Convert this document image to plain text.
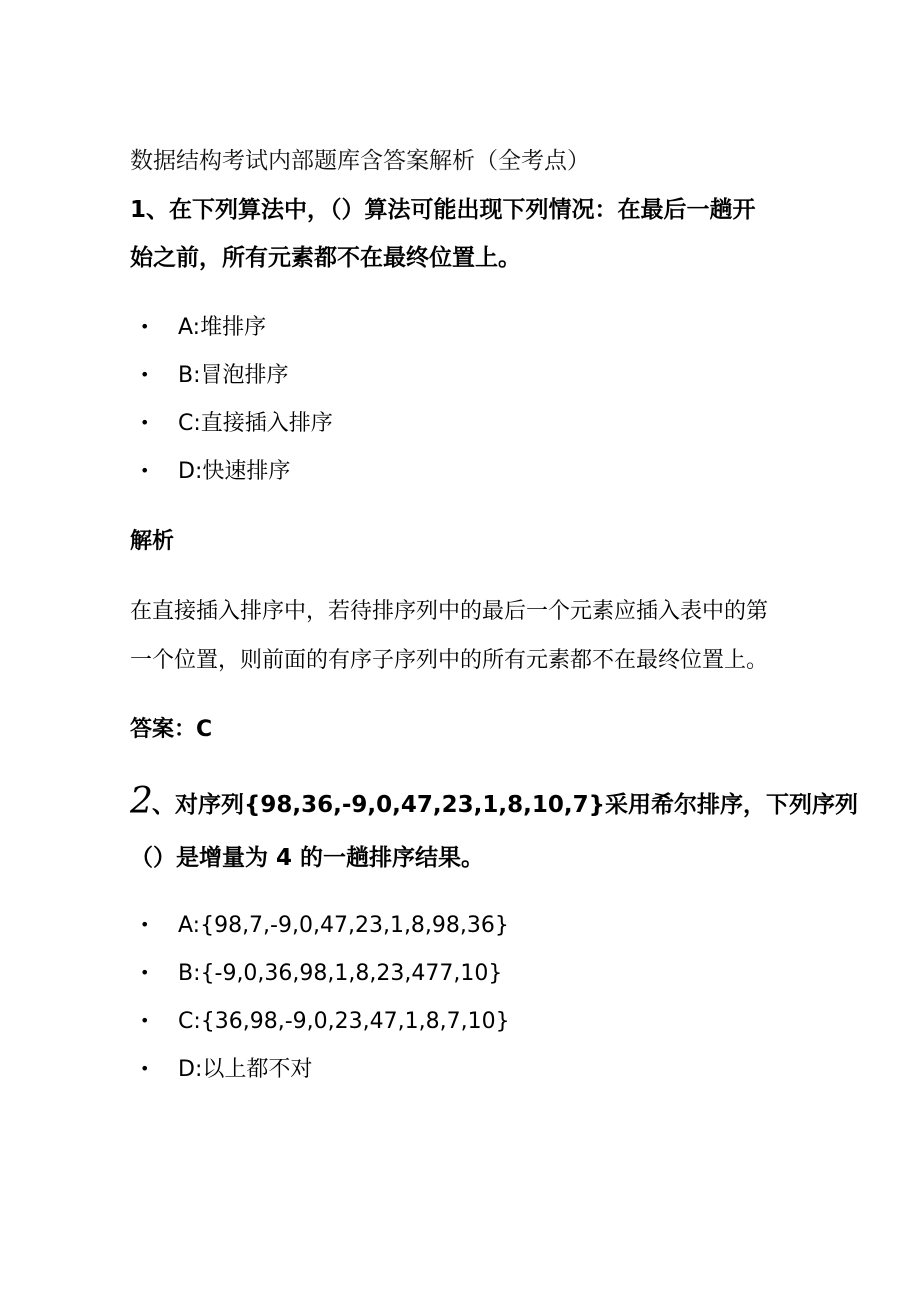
数据结构考试内部题库含答案解析（全考点）
1、在下列算法中，（）算法可能出现下列情况：在最后一趟开
始之前，所有元素都不在最终位置上。
• A:堆排序
• B:冒泡排序
• C:直接插入排序
• D:快速排序
解析
在直接插入排序中，若待排序列中的最后一个元素应插入表中的第
一个位置，则前面的有序子序列中的所有元素都不在最终位置上。
答案：C
2 、对序列{98,36,-9,0,47,23,1,8,10,7}采用希尔排序，下列序列
（）是增量为 4 的一趟排序结果。
• A:{98,7,-9,0,47,23,1,8,98,36}
• B:{-9,0,36,98,1,8,23,477,10}
• C:{36,98,-9,0,23,47,1,8,7,10}
• D:以上都不对
